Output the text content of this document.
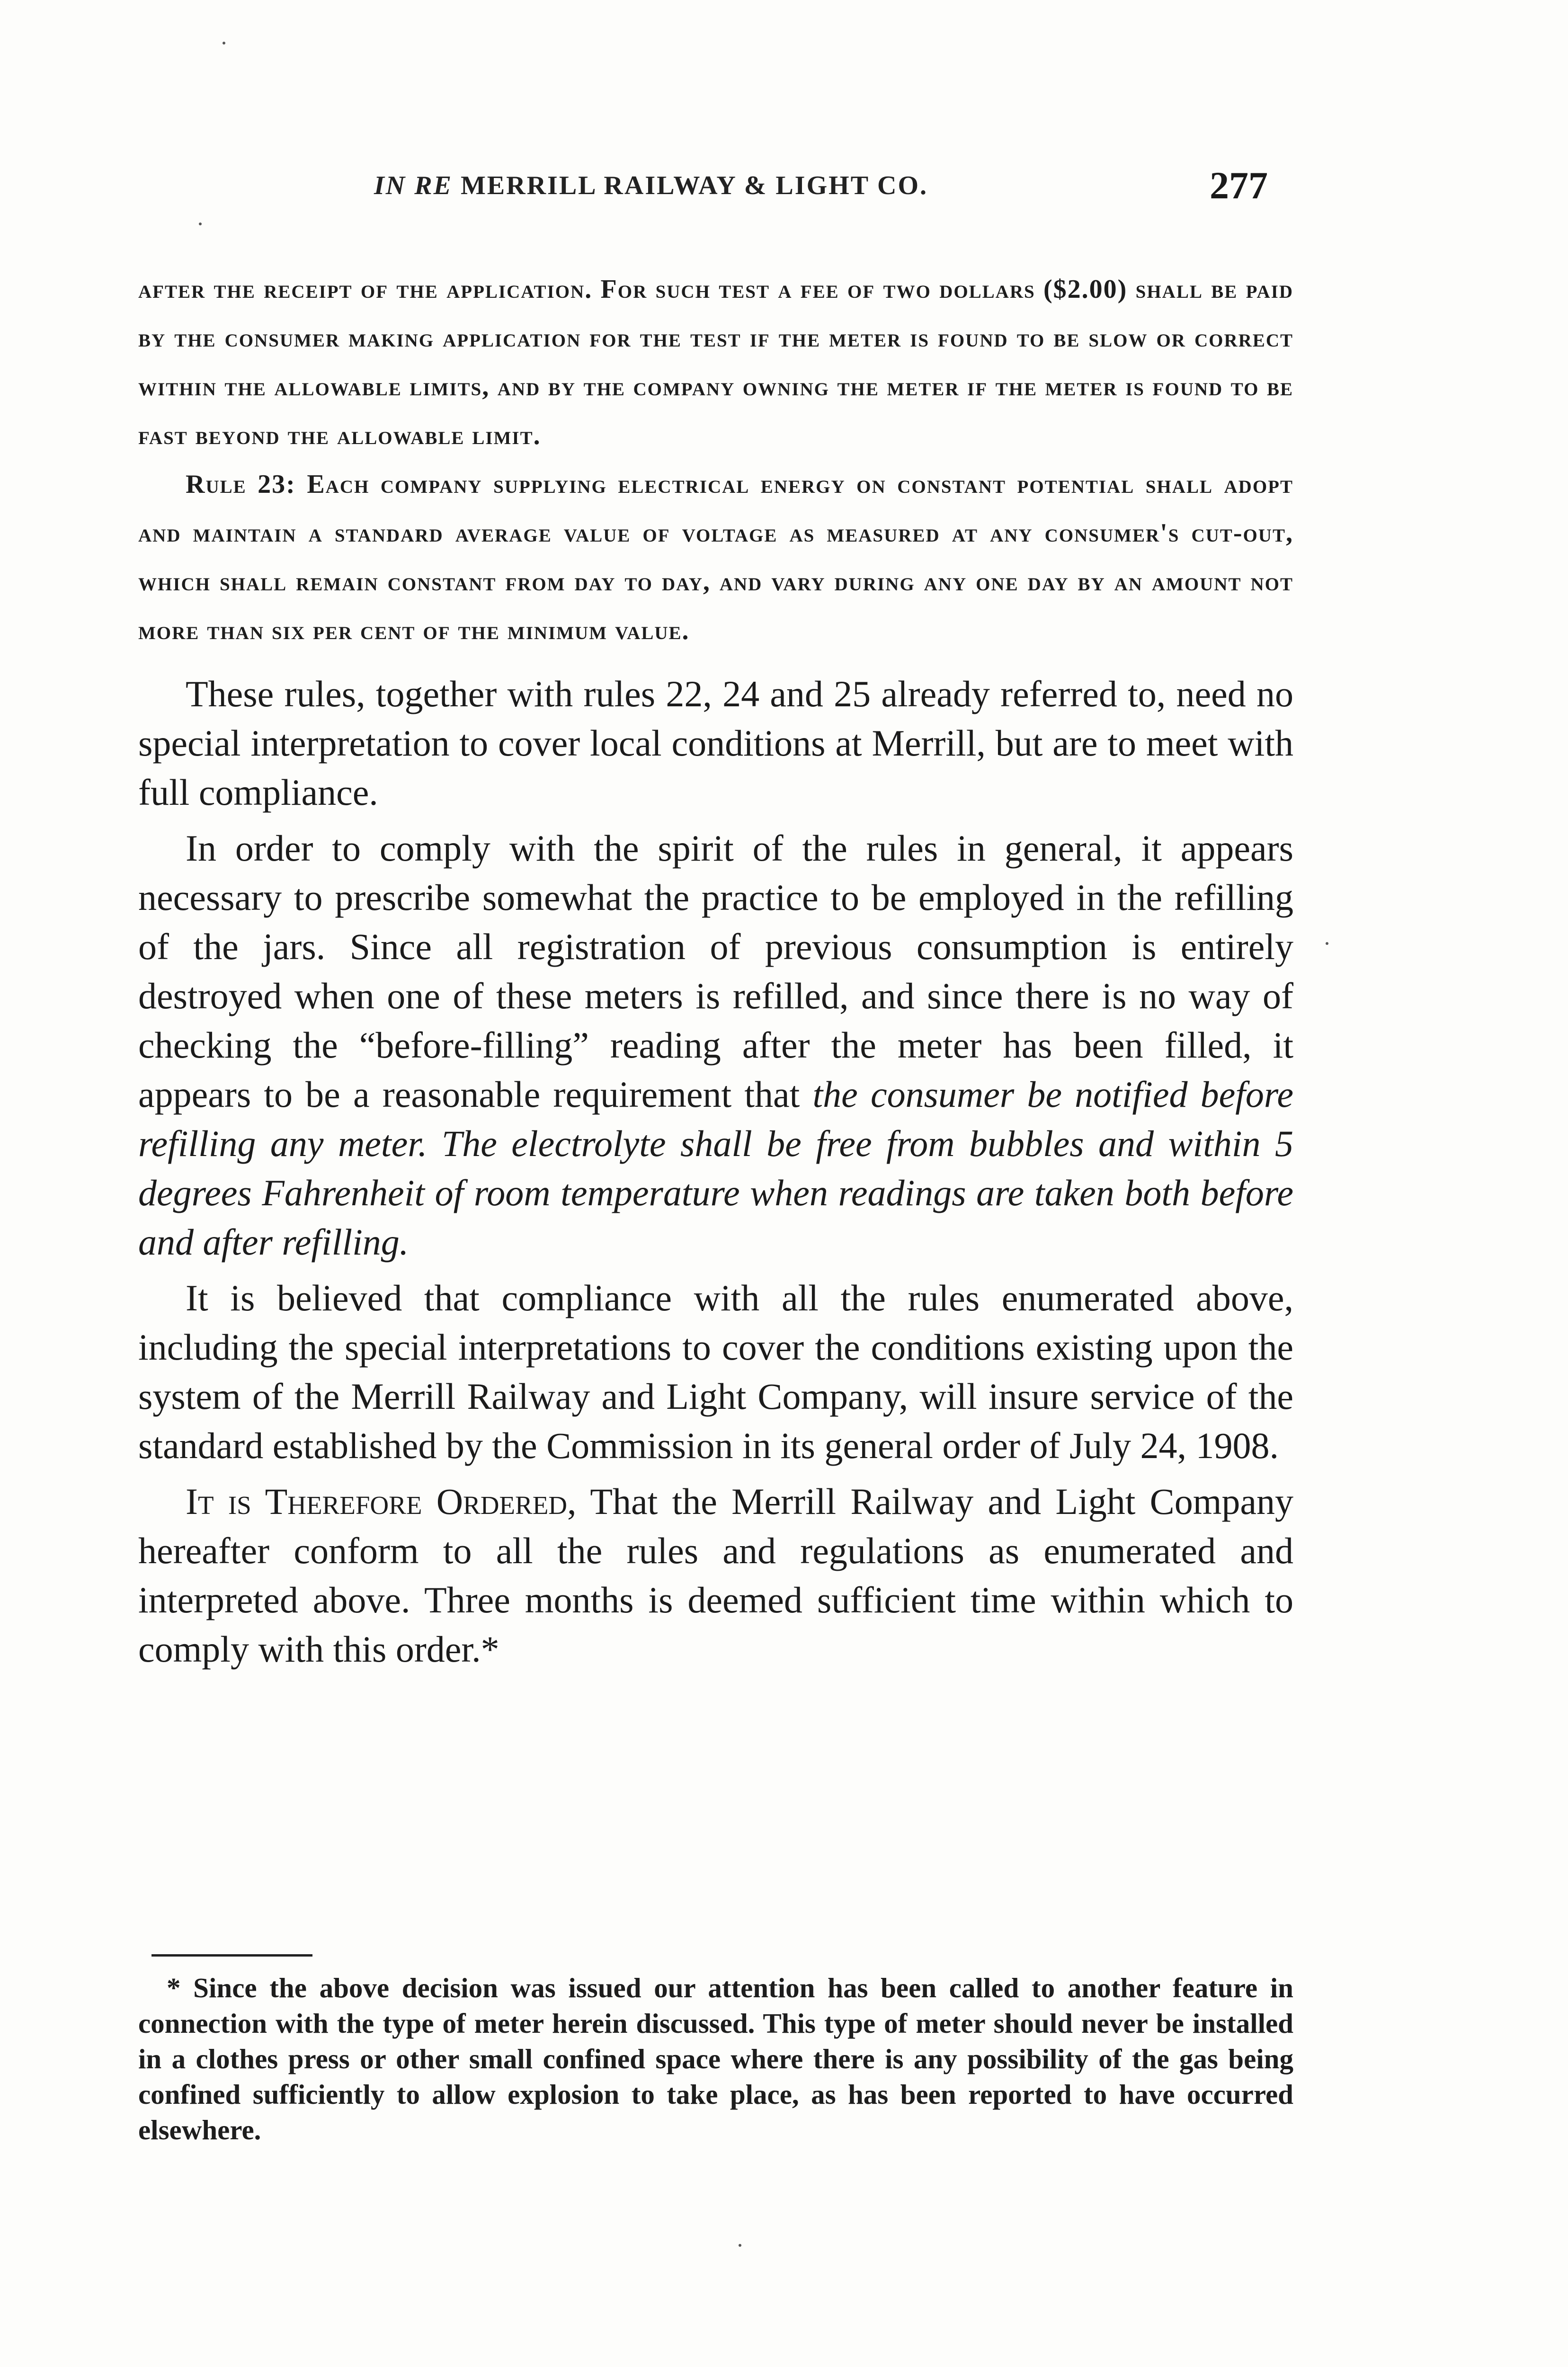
IN RE MERRILL RAILWAY & LIGHT CO.	277

after the receipt of the application. For such test a fee of two dollars ($2.00) shall be paid by the consumer making application for the test if the meter is found to be slow or correct within the allowable limits, and by the company owning the meter if the meter is found to be fast beyond the allowable limit.

Rule 23: Each company supplying electrical energy on constant potential shall adopt and maintain a standard average value of voltage as measured at any consumer's cut-out, which shall remain constant from day to day, and vary during any one day by an amount not more than six per cent of the minimum value.

These rules, together with rules 22, 24 and 25 already referred to, need no special interpretation to cover local conditions at Merrill, but are to meet with full compliance.

In order to comply with the spirit of the rules in general, it appears necessary to prescribe somewhat the practice to be employed in the refilling of the jars. Since all registration of previous consumption is entirely destroyed when one of these meters is refilled, and since there is no way of checking the “before-filling” reading after the meter has been filled, it appears to be a reasonable requirement that the consumer be notified before refilling any meter. The electrolyte shall be free from bubbles and within 5 degrees Fahrenheit of room temperature when readings are taken both before and after refilling.

It is believed that compliance with all the rules enumerated above, including the special interpretations to cover the conditions existing upon the system of the Merrill Railway and Light Company, will insure service of the standard established by the Commission in its general order of July 24, 1908.

It is Therefore Ordered, That the Merrill Railway and Light Company hereafter conform to all the rules and regulations as enumerated and interpreted above. Three months is deemed sufficient time within which to comply with this order.*

* Since the above decision was issued our attention has been called to another feature in connection with the type of meter herein discussed. This type of meter should never be installed in a clothes press or other small confined space where there is any possibility of the gas being confined sufficiently to allow explosion to take place, as has been reported to have occurred elsewhere.
